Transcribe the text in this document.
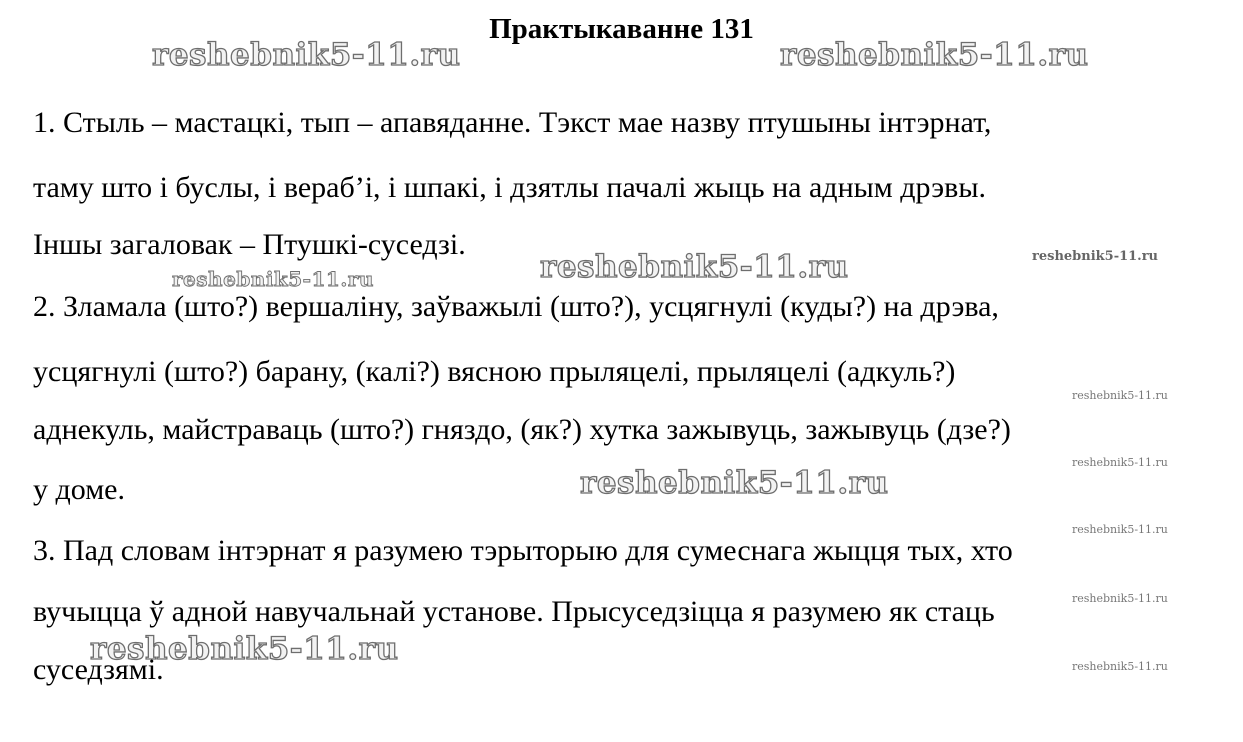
reshebnik5-11.ru	reshebnik5-11.ru
reshebnik5-11.ru
reshebnik5-11.ru
reshebnik5-11.ru
reshebnik5-11.ru
reshebnik5-11.ru
reshebnik5-11.ru
reshebnik5-11.ru
reshebnik5-11.ru
reshebnik5-11.ru
reshebnik5-11.ru
Практыкаванне 131

1. Стыль – мастацкі, тып – апавяданне. Тэкст мае назву птушыны інтэрнат,

таму што і буслы, і вераб’і, і шпакі, і дзятлы пачалі жыць на адным дрэвы.

Іншы загаловак – Птушкі-суседзі.

2. Зламала (што?) вершаліну, заўважылі (што?), усцягнулі (куды?) на дрэва,

усцягнулі (што?) барану, (калі?) вясною прыляцелі, прыляцелі (адкуль?)

аднекуль, майстраваць (што?) гняздо, (як?) хутка зажывуць, зажывуць (дзе?)

у доме.

3. Пад словам інтэрнат я разумею тэрыторыю для сумеснага жыцця тых, хто

вучыцца ў адной навучальнай установе. Прысуседзіцца я разумею як стаць

суседзямі.
